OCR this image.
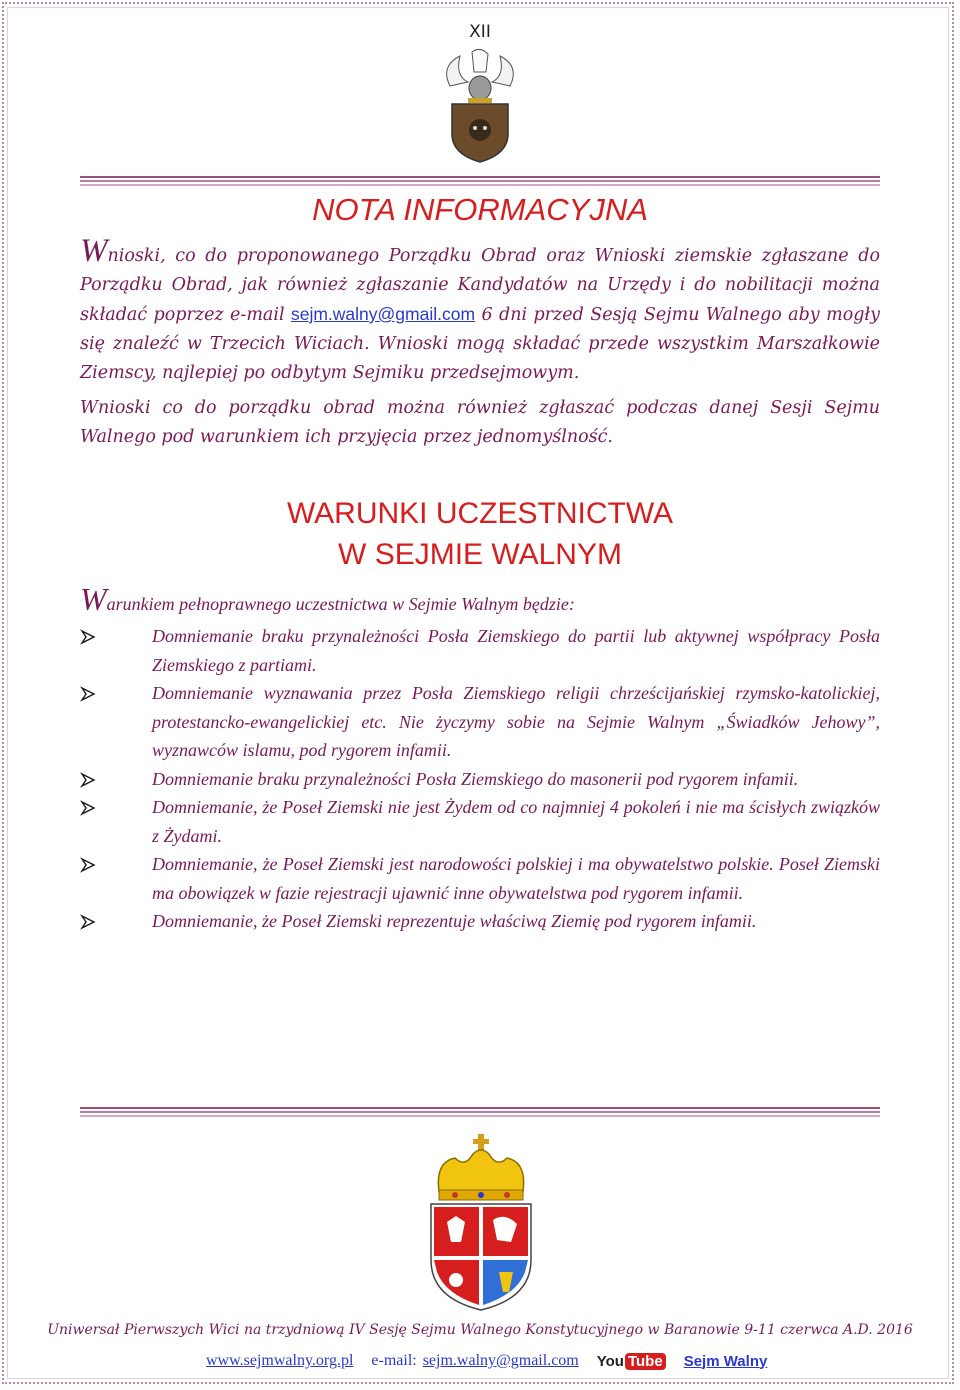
XII
NOTA INFORMACYJNA

Wnioski, co do proponowanego Porządku Obrad oraz Wnioski ziemskie zgłaszane do Porządku Obrad, jak również zgłaszanie Kandydatów na Urzędy i do nobilitacji można składać poprzez e-mail sejm.walny@gmail.com 6 dni przed Sesją Sejmu Walnego aby mogły się znaleźć w Trzecich Wiciach. Wnioski mogą składać przede wszystkim Marszałkowie Ziemscy, najlepiej po odbytym Sejmiku przedsejmowym.

Wnioski co do porządku obrad można również zgłaszać podczas danej Sesji Sejmu Walnego pod warunkiem ich przyjęcia przez jednomyślność.

WARUNKI UCZESTNICTWA
W SEJMIE WALNYM

Warunkiem pełnoprawnego uczestnictwa w Sejmie Walnym będzie:

Domniemanie braku przynależności Posła Ziemskiego do partii lub aktywnej współpracy Posła Ziemskiego z partiami.
Domniemanie wyznawania przez Posła Ziemskiego religii chrześcijańskiej rzymsko-katolickiej, protestancko-ewangelickiej etc. Nie życzymy sobie na Sejmie Walnym „Świadków Jehowy”, wyznawców islamu, pod rygorem infamii.
Domniemanie braku przynależności Posła Ziemskiego do masonerii pod rygorem infamii.
Domniemanie, że Poseł Ziemski nie jest Żydem od co najmniej 4 pokoleń i nie ma ścisłych związków z Żydami.
Domniemanie, że Poseł Ziemski jest narodowości polskiej i ma obywatelstwo polskie. Poseł Ziemski ma obowiązek w fazie rejestracji ujawnić inne obywatelstwa pod rygorem infamii.
Domniemanie, że Poseł Ziemski reprezentuje właściwą Ziemię pod rygorem infamii.
Uniwersał Pierwszych Wici na trzydniową IV Sesję Sejmu Walnego Konstytucyjnego w Baranowie 9-11 czerwca A.D. 2016
www.sejmwalny.org.pl e-mail: sejm.walny@gmail.com You Tube Sejm Walny
